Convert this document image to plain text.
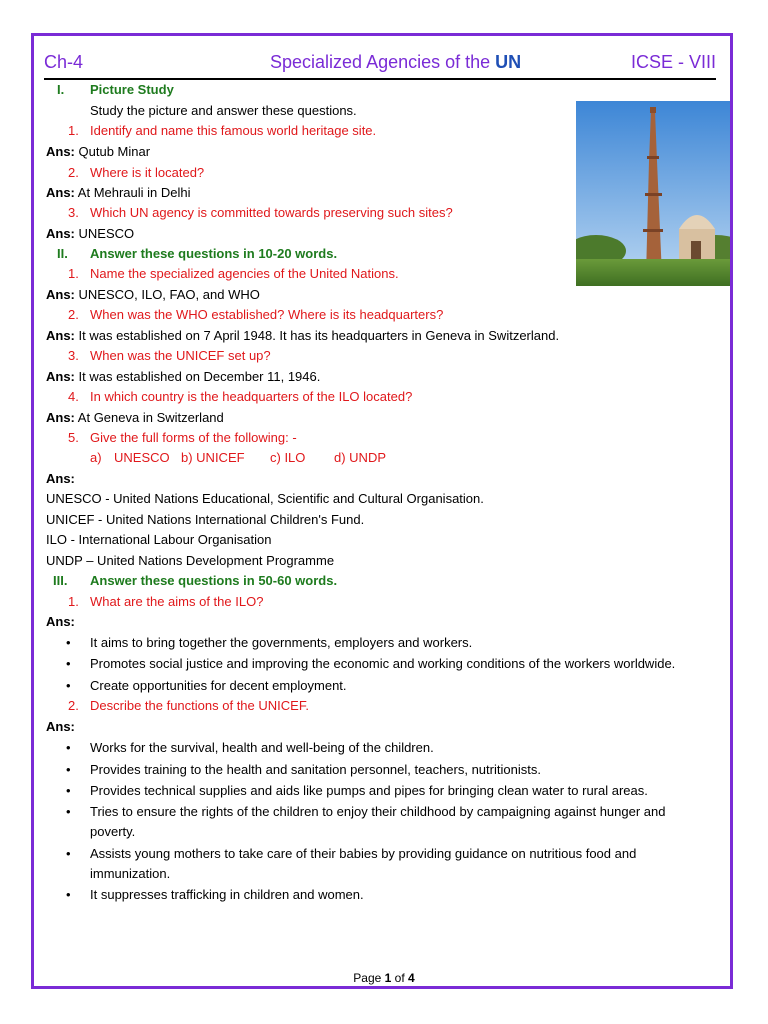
Ch-4	Specialized Agencies of the UN	ICSE - VIII
I. Picture Study
Study the picture and answer these questions.
1. Identify and name this famous world heritage site.
Ans: Qutub Minar
2. Where is it located?
Ans: At Mehrauli in Delhi
3. Which UN agency is committed towards preserving such sites?
Ans: UNESCO
II. Answer these questions in 10-20 words.
1. Name the specialized agencies of the United Nations.
Ans: UNESCO, ILO, FAO, and WHO
2. When was the WHO established? Where is its headquarters?
Ans: It was established on 7 April 1948. It has its headquarters in Geneva in Switzerland.
3. When was the UNICEF set up?
Ans: It was established on December 11, 1946.
4. In which country is the headquarters of the ILO located?
Ans: At Geneva in Switzerland
5. Give the full forms of the following: -
a) UNESCO b) UNICEF c) ILO d) UNDP
Ans:
UNESCO - United Nations Educational, Scientific and Cultural Organisation.
UNICEF - United Nations International Children's Fund.
ILO - International Labour Organisation
UNDP – United Nations Development Programme
III. Answer these questions in 50-60 words.
1. What are the aims of the ILO?
Ans:
• It aims to bring together the governments, employers and workers.
• Promotes social justice and improving the economic and working conditions of the workers worldwide.
• Create opportunities for decent employment.
2. Describe the functions of the UNICEF.
Ans:
• Works for the survival, health and well-being of the children.
• Provides training to the health and sanitation personnel, teachers, nutritionists.
• Provides technical supplies and aids like pumps and pipes for bringing clean water to rural areas.
• Tries to ensure the rights of the children to enjoy their childhood by campaigning against hunger and
poverty.
• Assists young mothers to take care of their babies by providing guidance on nutritious food and
immunization.
• It suppresses trafficking in children and women.
Page 1 of 4
